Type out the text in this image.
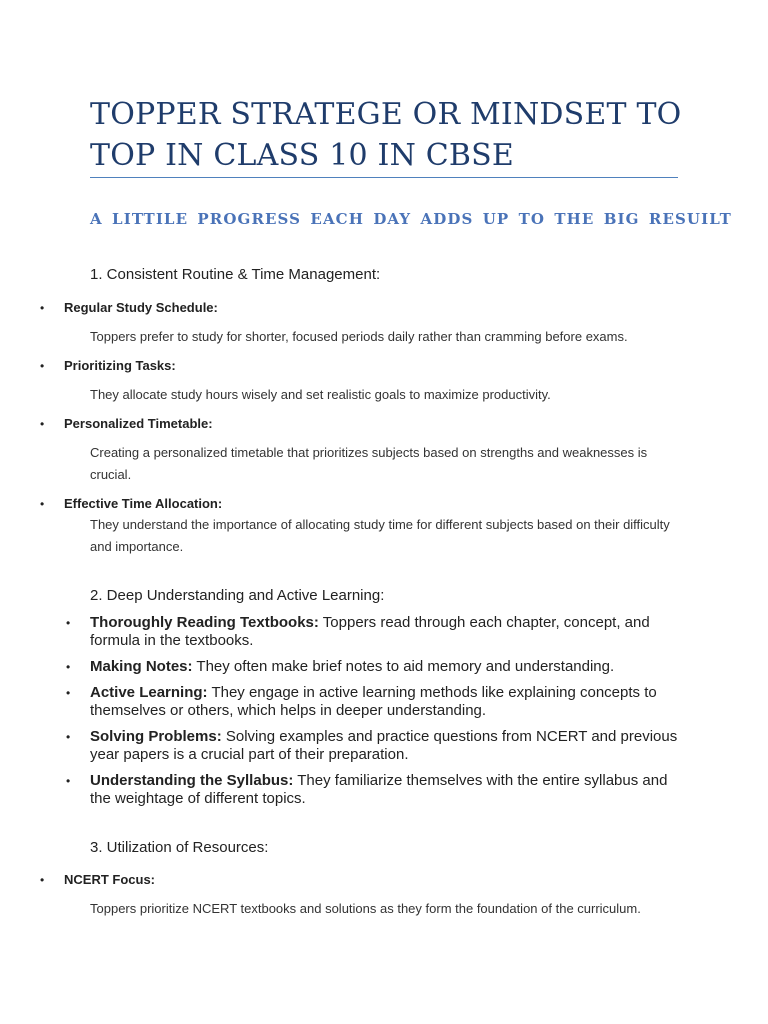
TOPPER STRATEGE OR MINDSET TO
TOP IN CLASS 10 IN CBSE

A LITTILE PROGRESS EACH DAY ADDS UP TO THE BIG RESUILT

1. Consistent Routine & Time Management:

•	Regular Study Schedule:

Toppers prefer to study for shorter, focused periods daily rather than cramming before exams.

•	Prioritizing Tasks:

They allocate study hours wisely and set realistic goals to maximize productivity.

•	Personalized Timetable:

Creating a personalized timetable that prioritizes subjects based on strengths and weaknesses is crucial.

•	Effective Time Allocation:

They understand the importance of allocating study time for different subjects based on their difficulty and importance.

2. Deep Understanding and Active Learning:

•	Thoroughly Reading Textbooks: Toppers read through each chapter, concept, and formula in the textbooks.
•	Making Notes: They often make brief notes to aid memory and understanding.
•	Active Learning: They engage in active learning methods like explaining concepts to themselves or others, which helps in deeper understanding.
•	Solving Problems: Solving examples and practice questions from NCERT and previous year papers is a crucial part of their preparation.
•	Understanding the Syllabus: They familiarize themselves with the entire syllabus and the weightage of different topics.

3. Utilization of Resources:

•	NCERT Focus:

Toppers prioritize NCERT textbooks and solutions as they form the foundation of the curriculum.
